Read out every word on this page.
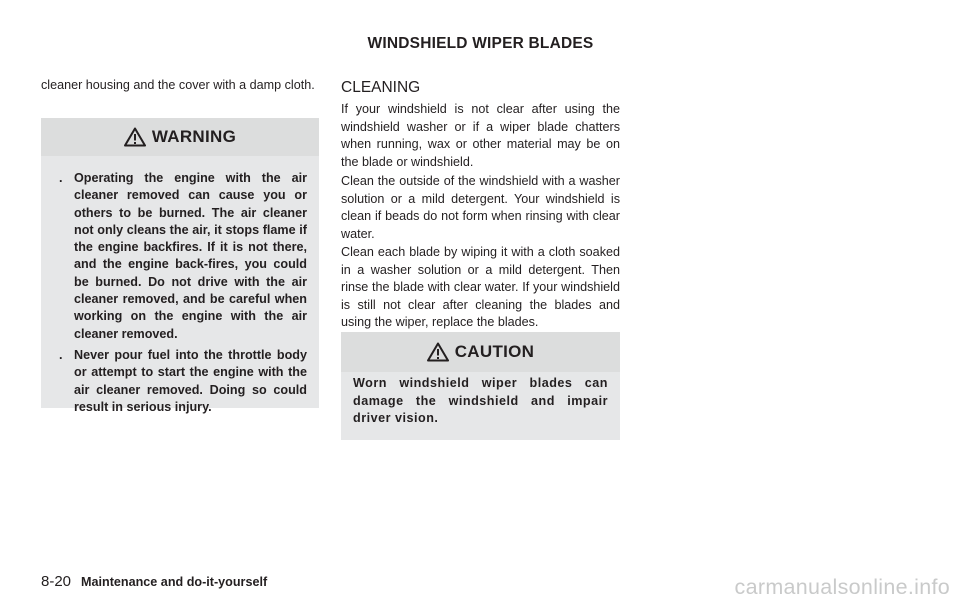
WINDSHIELD WIPER BLADES

cleaner housing and the cover with a damp cloth.

WARNING
. Operating the engine with the air cleaner removed can cause you or others to be burned. The air cleaner not only cleans the air, it stops flame if the engine backfires. If it is not there, and the engine back-fires, you could be burned. Do not drive with the air cleaner removed, and be careful when working on the engine with the air cleaner removed.
. Never pour fuel into the throttle body or attempt to start the engine with the air cleaner removed. Doing so could result in serious injury.
CLEANING

If your windshield is not clear after using the windshield washer or if a wiper blade chatters when running, wax or other material may be on the blade or windshield.

Clean the outside of the windshield with a washer solution or a mild detergent. Your windshield is clean if beads do not form when rinsing with clear water.

Clean each blade by wiping it with a cloth soaked in a washer solution or a mild detergent. Then rinse the blade with clear water. If your windshield is still not clear after cleaning the blades and using the wiper, replace the blades.

CAUTION

Worn windshield wiper blades can damage the windshield and impair driver vision.

8-20 Maintenance and do-it-yourself	carmanualsonline.info
